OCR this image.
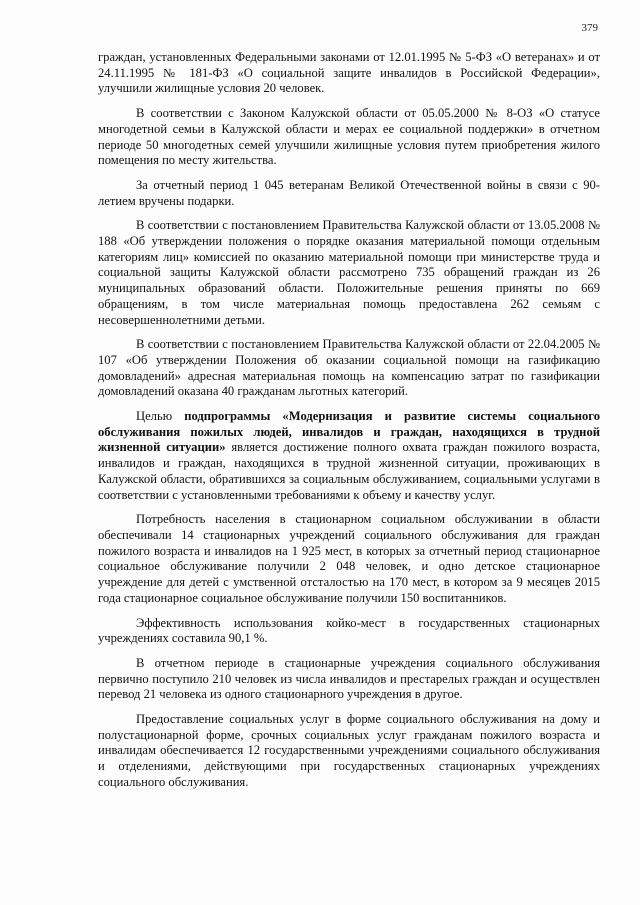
379

граждан, установленных Федеральными законами от 12.01.1995 № 5-ФЗ «О ветеранах» и от 24.11.1995 № 181-ФЗ «О социальной защите инвалидов в Российской Федерации», улучшили жилищные условия 20 человек.

В соответствии с Законом Калужской области от 05.05.2000 № 8-ОЗ «О статусе многодетной семьи в Калужской области и мерах ее социальной поддержки» в отчетном периоде 50 многодетных семей улучшили жилищные условия путем приобретения жилого помещения по месту жительства.

За отчетный период 1 045 ветеранам Великой Отечественной войны в связи с 90-летием вручены подарки.

В соответствии с постановлением Правительства Калужской области от 13.05.2008 № 188 «Об утверждении положения о порядке оказания материальной помощи отдельным категориям лиц» комиссией по оказанию материальной помощи при министерстве труда и социальной защиты Калужской области рассмотрено 735 обращений граждан из 26 муниципальных образований области. Положительные решения приняты по 669 обращениям, в том числе материальная помощь предоставлена 262 семьям с несовершеннолетними детьми.

В соответствии с постановлением Правительства Калужской области от 22.04.2005 № 107 «Об утверждении Положения об оказании социальной помощи на газификацию домовладений» адресная материальная помощь на компенсацию затрат по газификации домовладений оказана 40 гражданам льготных категорий.

Целью подпрограммы «Модернизация и развитие системы социального обслуживания пожилых людей, инвалидов и граждан, находящихся в трудной жизненной ситуации» является достижение полного охвата граждан пожилого возраста, инвалидов и граждан, находящихся в трудной жизненной ситуации, проживающих в Калужской области, обратившихся за социальным обслуживанием, социальными услугами в соответствии с установленными требованиями к объему и качеству услуг.

Потребность населения в стационарном социальном обслуживании в области обеспечивали 14 стационарных учреждений социального обслуживания для граждан пожилого возраста и инвалидов на 1 925 мест, в которых за отчетный период стационарное социальное обслуживание получили 2 048 человек, и одно детское стационарное учреждение для детей с умственной отсталостью на 170 мест, в котором за 9 месяцев 2015 года стационарное социальное обслуживание получили 150 воспитанников.

Эффективность использования койко-мест в государственных стационарных учреждениях составила 90,1 %.

В отчетном периоде в стационарные учреждения социального обслуживания первично поступило 210 человек из числа инвалидов и престарелых граждан и осуществлен перевод 21 человека из одного стационарного учреждения в другое.

Предоставление социальных услуг в форме социального обслуживания на дому и полустационарной форме, срочных социальных услуг гражданам пожилого возраста и инвалидам обеспечивается 12 государственными учреждениями социального обслуживания и отделениями, действующими при государственных стационарных учреждениях социального обслуживания.
